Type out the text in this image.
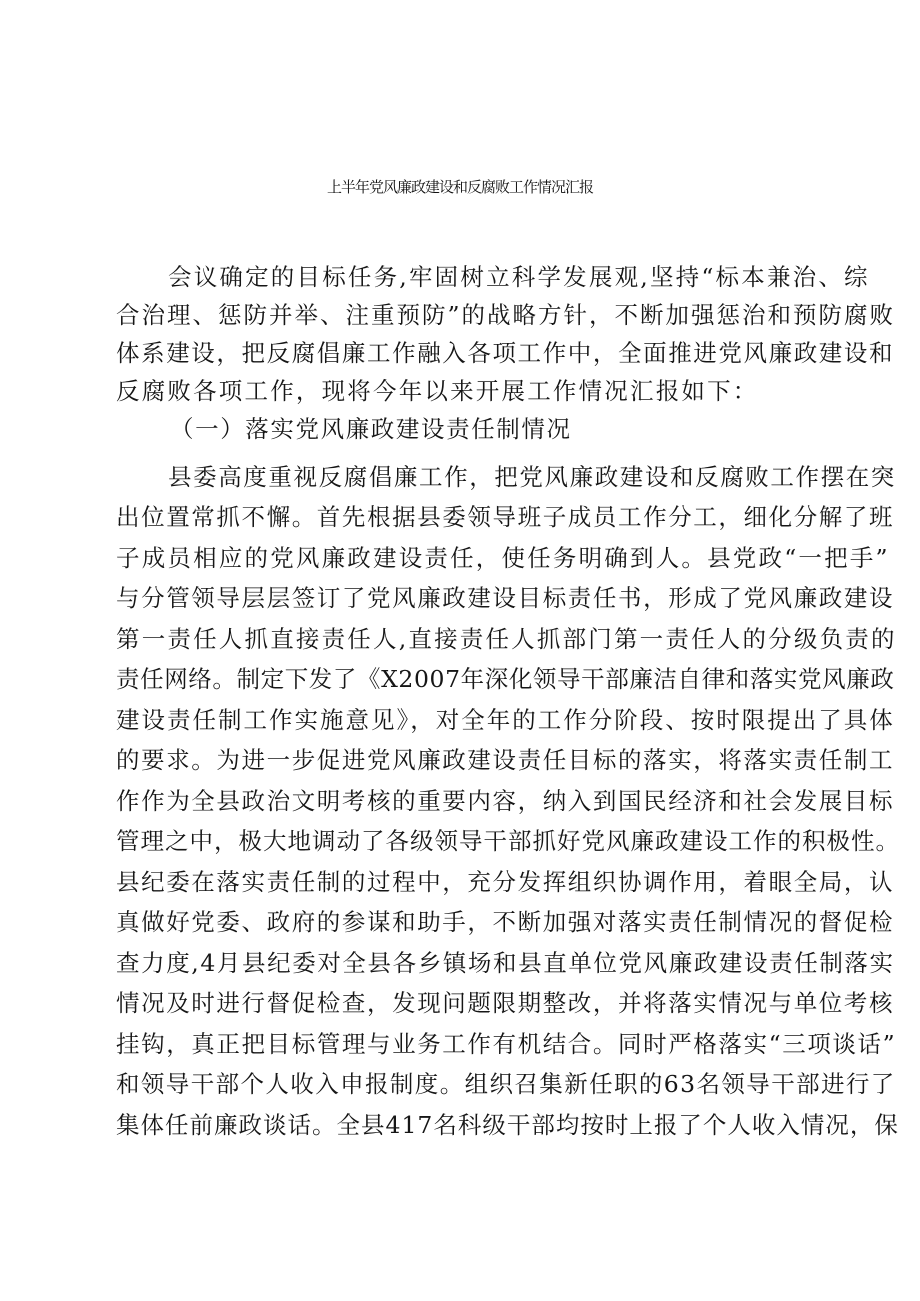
上半年党风廉政建设和反腐败工作情况汇报
会议确定的目标任务,牢固树立科学发展观,坚持“标本兼治、综
合治理、惩防并举、注重预防”的战略方针，不断加强惩治和预防腐败
体系建设，把反腐倡廉工作融入各项工作中，全面推进党风廉政建设和
反腐败各项工作，现将今年以来开展工作情况汇报如下：
（一）落实党风廉政建设责任制情况
县委高度重视反腐倡廉工作，把党风廉政建设和反腐败工作摆在突
出位置常抓不懈。首先根据县委领导班子成员工作分工，细化分解了班
子成员相应的党风廉政建设责任，使任务明确到人。县党政“一把手”
与分管领导层层签订了党风廉政建设目标责任书，形成了党风廉政建设
第一责任人抓直接责任人,直接责任人抓部门第一责任人的分级负责的
责任网络。制定下发了《X2007年深化领导干部廉洁自律和落实党风廉政
建设责任制工作实施意见》，对全年的工作分阶段、按时限提出了具体
的要求。为进一步促进党风廉政建设责任目标的落实，将落实责任制工
作作为全县政治文明考核的重要内容，纳入到国民经济和社会发展目标
管理之中，极大地调动了各级领导干部抓好党风廉政建设工作的积极性。
县纪委在落实责任制的过程中，充分发挥组织协调作用，着眼全局，认
真做好党委、政府的参谋和助手，不断加强对落实责任制情况的督促检
查力度,4月县纪委对全县各乡镇场和县直单位党风廉政建设责任制落实
情况及时进行督促检查，发现问题限期整改，并将落实情况与单位考核
挂钩，真正把目标管理与业务工作有机结合。同时严格落实“三项谈话”
和领导干部个人收入申报制度。组织召集新任职的63名领导干部进行了
集体任前廉政谈话。全县417名科级干部均按时上报了个人收入情况，保
